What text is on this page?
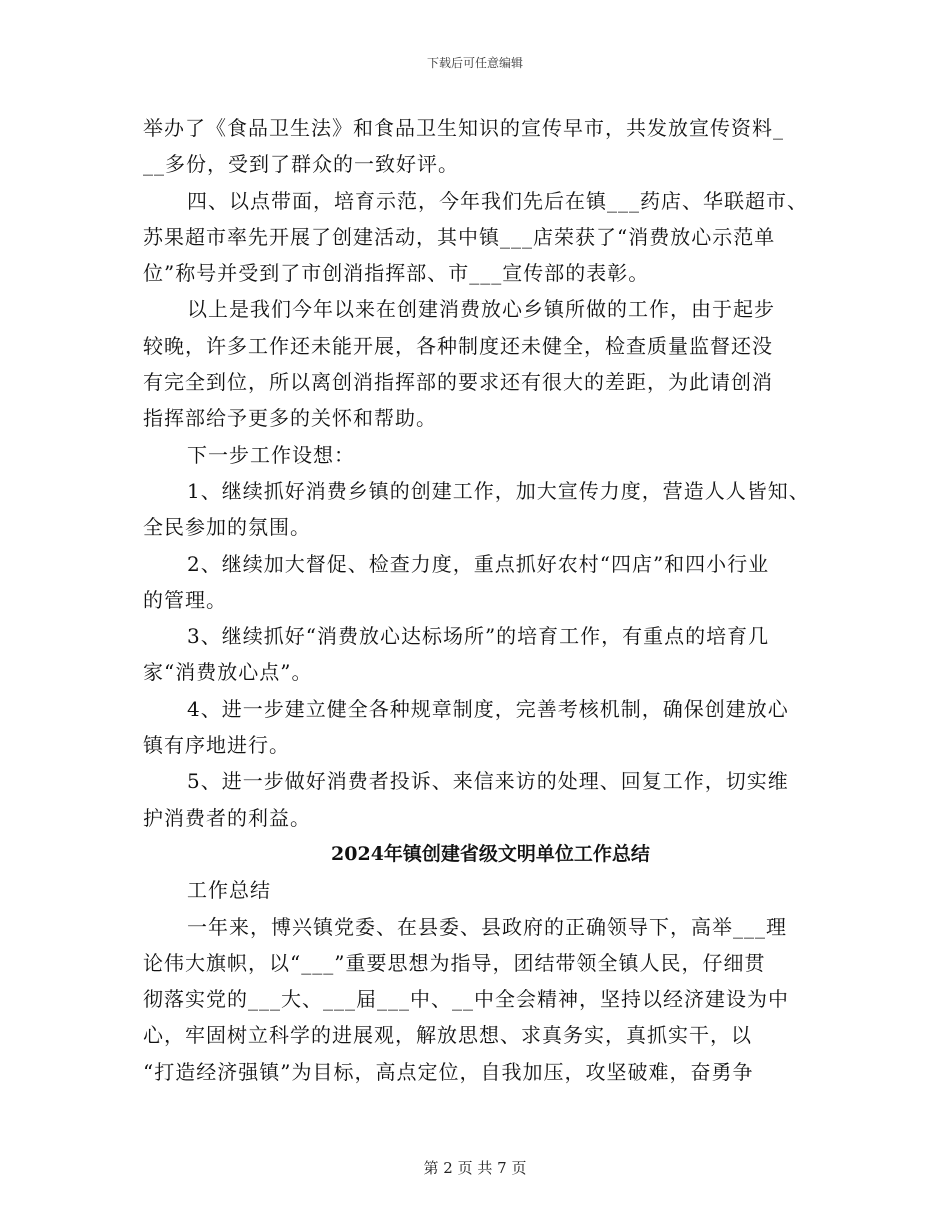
下载后可任意编辑
举办了《食品卫生法》和食品卫生知识的宣传早市，共发放宣传资料_
__多份，受到了群众的一致好评。
四、以点带面，培育示范，今年我们先后在镇___药店、华联超市、
苏果超市率先开展了创建活动，其中镇___店荣获了“消费放心示范单
位”称号并受到了市创消指挥部、市___宣传部的表彰。
以上是我们今年以来在创建消费放心乡镇所做的工作，由于起步
较晚，许多工作还未能开展，各种制度还未健全，检查质量监督还没
有完全到位，所以离创消指挥部的要求还有很大的差距，为此请创消
指挥部给予更多的关怀和帮助。
下一步工作设想：
1、继续抓好消费乡镇的创建工作，加大宣传力度，营造人人皆知、
全民参加的氛围。
2、继续加大督促、检查力度，重点抓好农村“四店”和四小行业
的管理。
3、继续抓好“消费放心达标场所”的培育工作，有重点的培育几
家“消费放心点”。
4、进一步建立健全各种规章制度，完善考核机制，确保创建放心
镇有序地进行。
5、进一步做好消费者投诉、来信来访的处理、回复工作，切实维
护消费者的利益。
2024年镇创建省级文明单位工作总结
工作总结
一年来，博兴镇党委、在县委、县政府的正确领导下，高举___理
论伟大旗帜，以“___”重要思想为指导，团结带领全镇人民，仔细贯
彻落实党的___大、___届___中、__中全会精神，坚持以经济建设为中
心，牢固树立科学的进展观，解放思想、求真务实，真抓实干，以
“打造经济强镇”为目标，高点定位，自我加压，攻坚破难，奋勇争
第 2 页 共 7 页
